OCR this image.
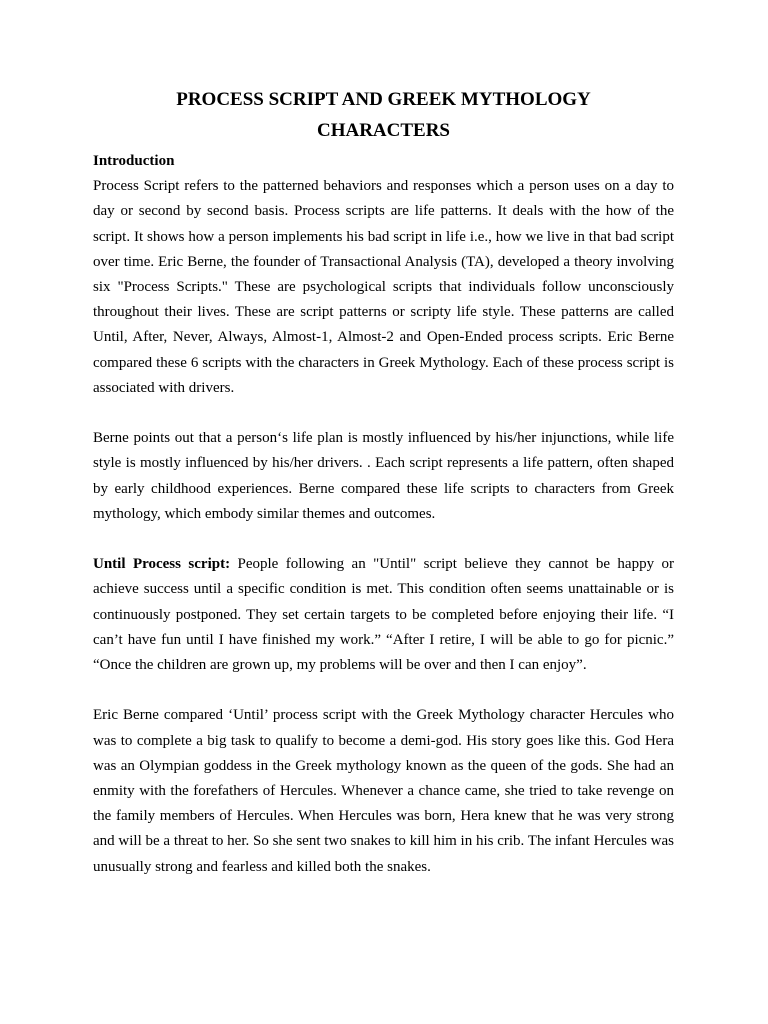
PROCESS SCRIPT AND GREEK MYTHOLOGY

CHARACTERS

Introduction

Process Script refers to the patterned behaviors and responses which a person uses on a day to day or second by second basis. Process scripts are life patterns. It deals with the how of the script. It shows how a person implements his bad script in life i.e., how we live in that bad script over time. Eric Berne, the founder of Transactional Analysis (TA), developed a theory involving six "Process Scripts." These are psychological scripts that individuals follow unconsciously throughout their lives. These are script patterns or scripty life style. These patterns are called Until, After, Never, Always, Almost-1, Almost-2 and Open-Ended process scripts. Eric Berne compared these 6 scripts with the characters in Greek Mythology. Each of these process script is associated with drivers.

Berne points out that a person‘s life plan is mostly influenced by his/her injunctions, while life style is mostly influenced by his/her drivers. . Each script represents a life pattern, often shaped by early childhood experiences. Berne compared these life scripts to characters from Greek mythology, which embody similar themes and outcomes.

Until Process script: People following an "Until" script believe they cannot be happy or achieve success until a specific condition is met. This condition often seems unattainable or is continuously postponed. They set certain targets to be completed before enjoying their life. “I can’t have fun until I have finished my work.” “After I retire, I will be able to go for picnic.” “Once the children are grown up, my problems will be over and then I can enjoy”.

Eric Berne compared ‘Until’ process script with the Greek Mythology character Hercules who was to complete a big task to qualify to become a demi-god. His story goes like this. God Hera was an Olympian goddess in the Greek mythology known as the queen of the gods. She had an enmity with the forefathers of Hercules. Whenever a chance came, she tried to take revenge on the family members of Hercules. When Hercules was born, Hera knew that he was very strong and will be a threat to her. So she sent two snakes to kill him in his crib. The infant Hercules was unusually strong and fearless and killed both the snakes.
